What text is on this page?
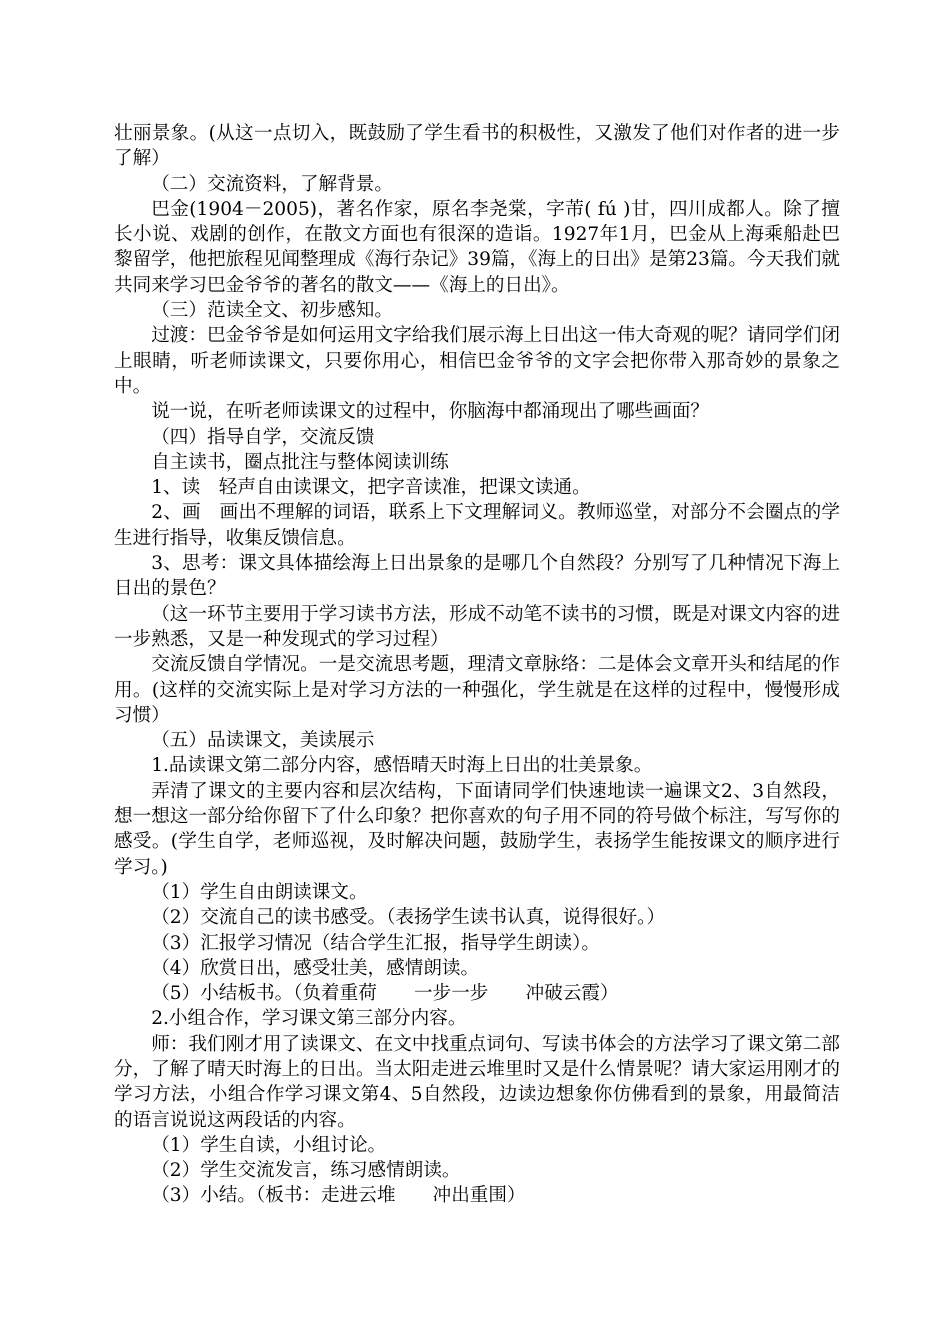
壮丽景象。(从这一点切入，既鼓励了学生看书的积极性，又激发了他们对作者的进一步了解）

（二）交流资料，了解背景。

巴金(1904－2005)，著名作家，原名李尧棠，字芾( fú )甘，四川成都人。除了擅长小说、戏剧的创作，在散文方面也有很深的造诣。1927年1月，巴金从上海乘船赴巴黎留学，他把旅程见闻整理成《海行杂记》39篇，《海上的日出》是第23篇。今天我们就共同来学习巴金爷爷的著名的散文——《海上的日出》。

（三）范读全文、初步感知。

过渡：巴金爷爷是如何运用文字给我们展示海上日出这一伟大奇观的呢？请同学们闭上眼睛，听老师读课文，只要你用心，相信巴金爷爷的文字会把你带入那奇妙的景象之中。

说一说，在听老师读课文的过程中，你脑海中都涌现出了哪些画面？

（四）指导自学，交流反馈

自主读书，圈点批注与整体阅读训练

1、读　轻声自由读课文，把字音读准，把课文读通。

2、画　画出不理解的词语，联系上下文理解词义。教师巡堂，对部分不会圈点的学生进行指导，收集反馈信息。

3、思考：课文具体描绘海上日出景象的是哪几个自然段？分别写了几种情况下海上日出的景色？

（这一环节主要用于学习读书方法，形成不动笔不读书的习惯，既是对课文内容的进一步熟悉，又是一种发现式的学习过程）

交流反馈自学情况。一是交流思考题，理清文章脉络：二是体会文章开头和结尾的作用。(这样的交流实际上是对学习方法的一种强化，学生就是在这样的过程中，慢慢形成习惯）

（五）品读课文，美读展示

1.品读课文第二部分内容，感悟晴天时海上日出的壮美景象。

弄清了课文的主要内容和层次结构，下面请同学们快速地读一遍课文2、3自然段，想一想这一部分给你留下了什么印象？把你喜欢的句子用不同的符号做个标注，写写你的感受。(学生自学，老师巡视，及时解决问题，鼓励学生，表扬学生能按课文的顺序进行学习。)

（1）学生自由朗读课文。

（2）交流自己的读书感受。（表扬学生读书认真，说得很好。）

（3）汇报学习情况（结合学生汇报，指导学生朗读）。

（4）欣赏日出，感受壮美，感情朗读。

（5）小结板书。（负着重荷　　一步一步　　冲破云霞）

2.小组合作，学习课文第三部分内容。

师：我们刚才用了读课文、在文中找重点词句、写读书体会的方法学习了课文第二部分，了解了晴天时海上的日出。当太阳走进云堆里时又是什么情景呢？请大家运用刚才的学习方法，小组合作学习课文第4、5自然段，边读边想象你仿佛看到的景象，用最简洁的语言说说这两段话的内容。

（1）学生自读，小组讨论。

（2）学生交流发言，练习感情朗读。

（3）小结。（板书：走进云堆　　冲出重围）
